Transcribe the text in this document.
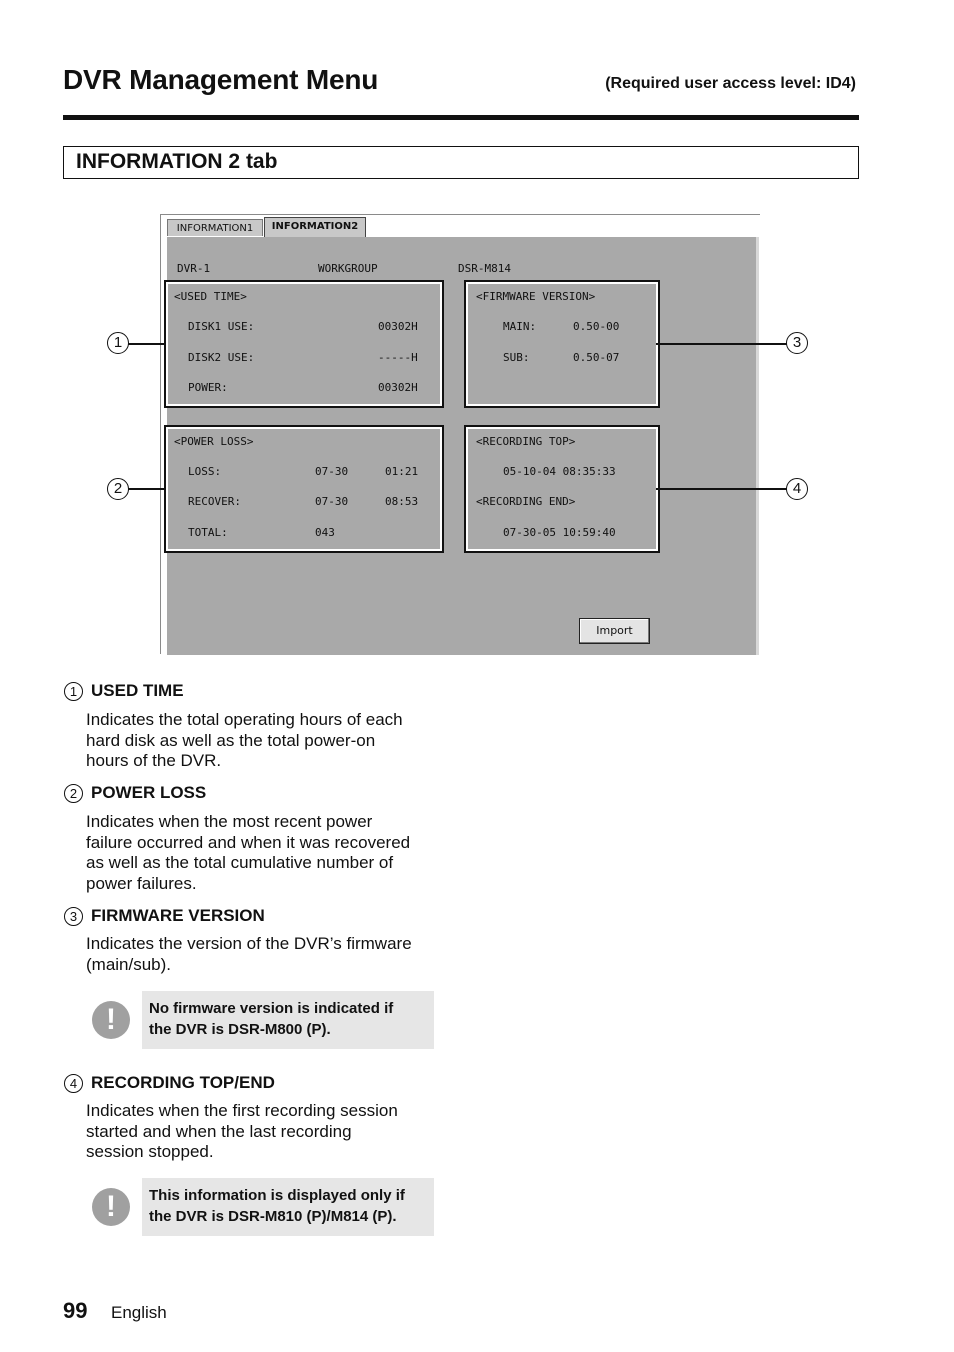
DVR Management Menu	(Required user access level: ID4)
INFORMATION 2 tab
INFORMATION1	INFORMATION2
DVR-1	WORKGROUP	DSR-M814
<USED TIME>
DISK1 USE:	00302H
DISK2 USE:	-----H
POWER:	00302H
<FIRMWARE VERSION>
MAIN:	0.50-00
SUB:	0.50-07
<POWER LOSS>
LOSS:	07-30	01:21
RECOVER:	07-30	08:53
TOTAL:	043
<RECORDING TOP>
05-10-04 08:35:33
<RECORDING END>
07-30-05 10:59:40
Import
1
2
3
4
1 USED TIME
Indicates the total operating hours of each
hard disk as well as the total power-on
hours of the DVR.
2 POWER LOSS
Indicates when the most recent power
failure occurred and when it was recovered
as well as the total cumulative number of
power failures.
3 FIRMWARE VERSION
Indicates the version of the DVR’s firmware
(main/sub).
!	No firmware version is indicated if
the DVR is DSR-M800 (P).
4 RECORDING TOP/END
Indicates when the first recording session
started and when the last recording
session stopped.
!	This information is displayed only if
the DVR is DSR-M810 (P)/M814 (P).
99 English
